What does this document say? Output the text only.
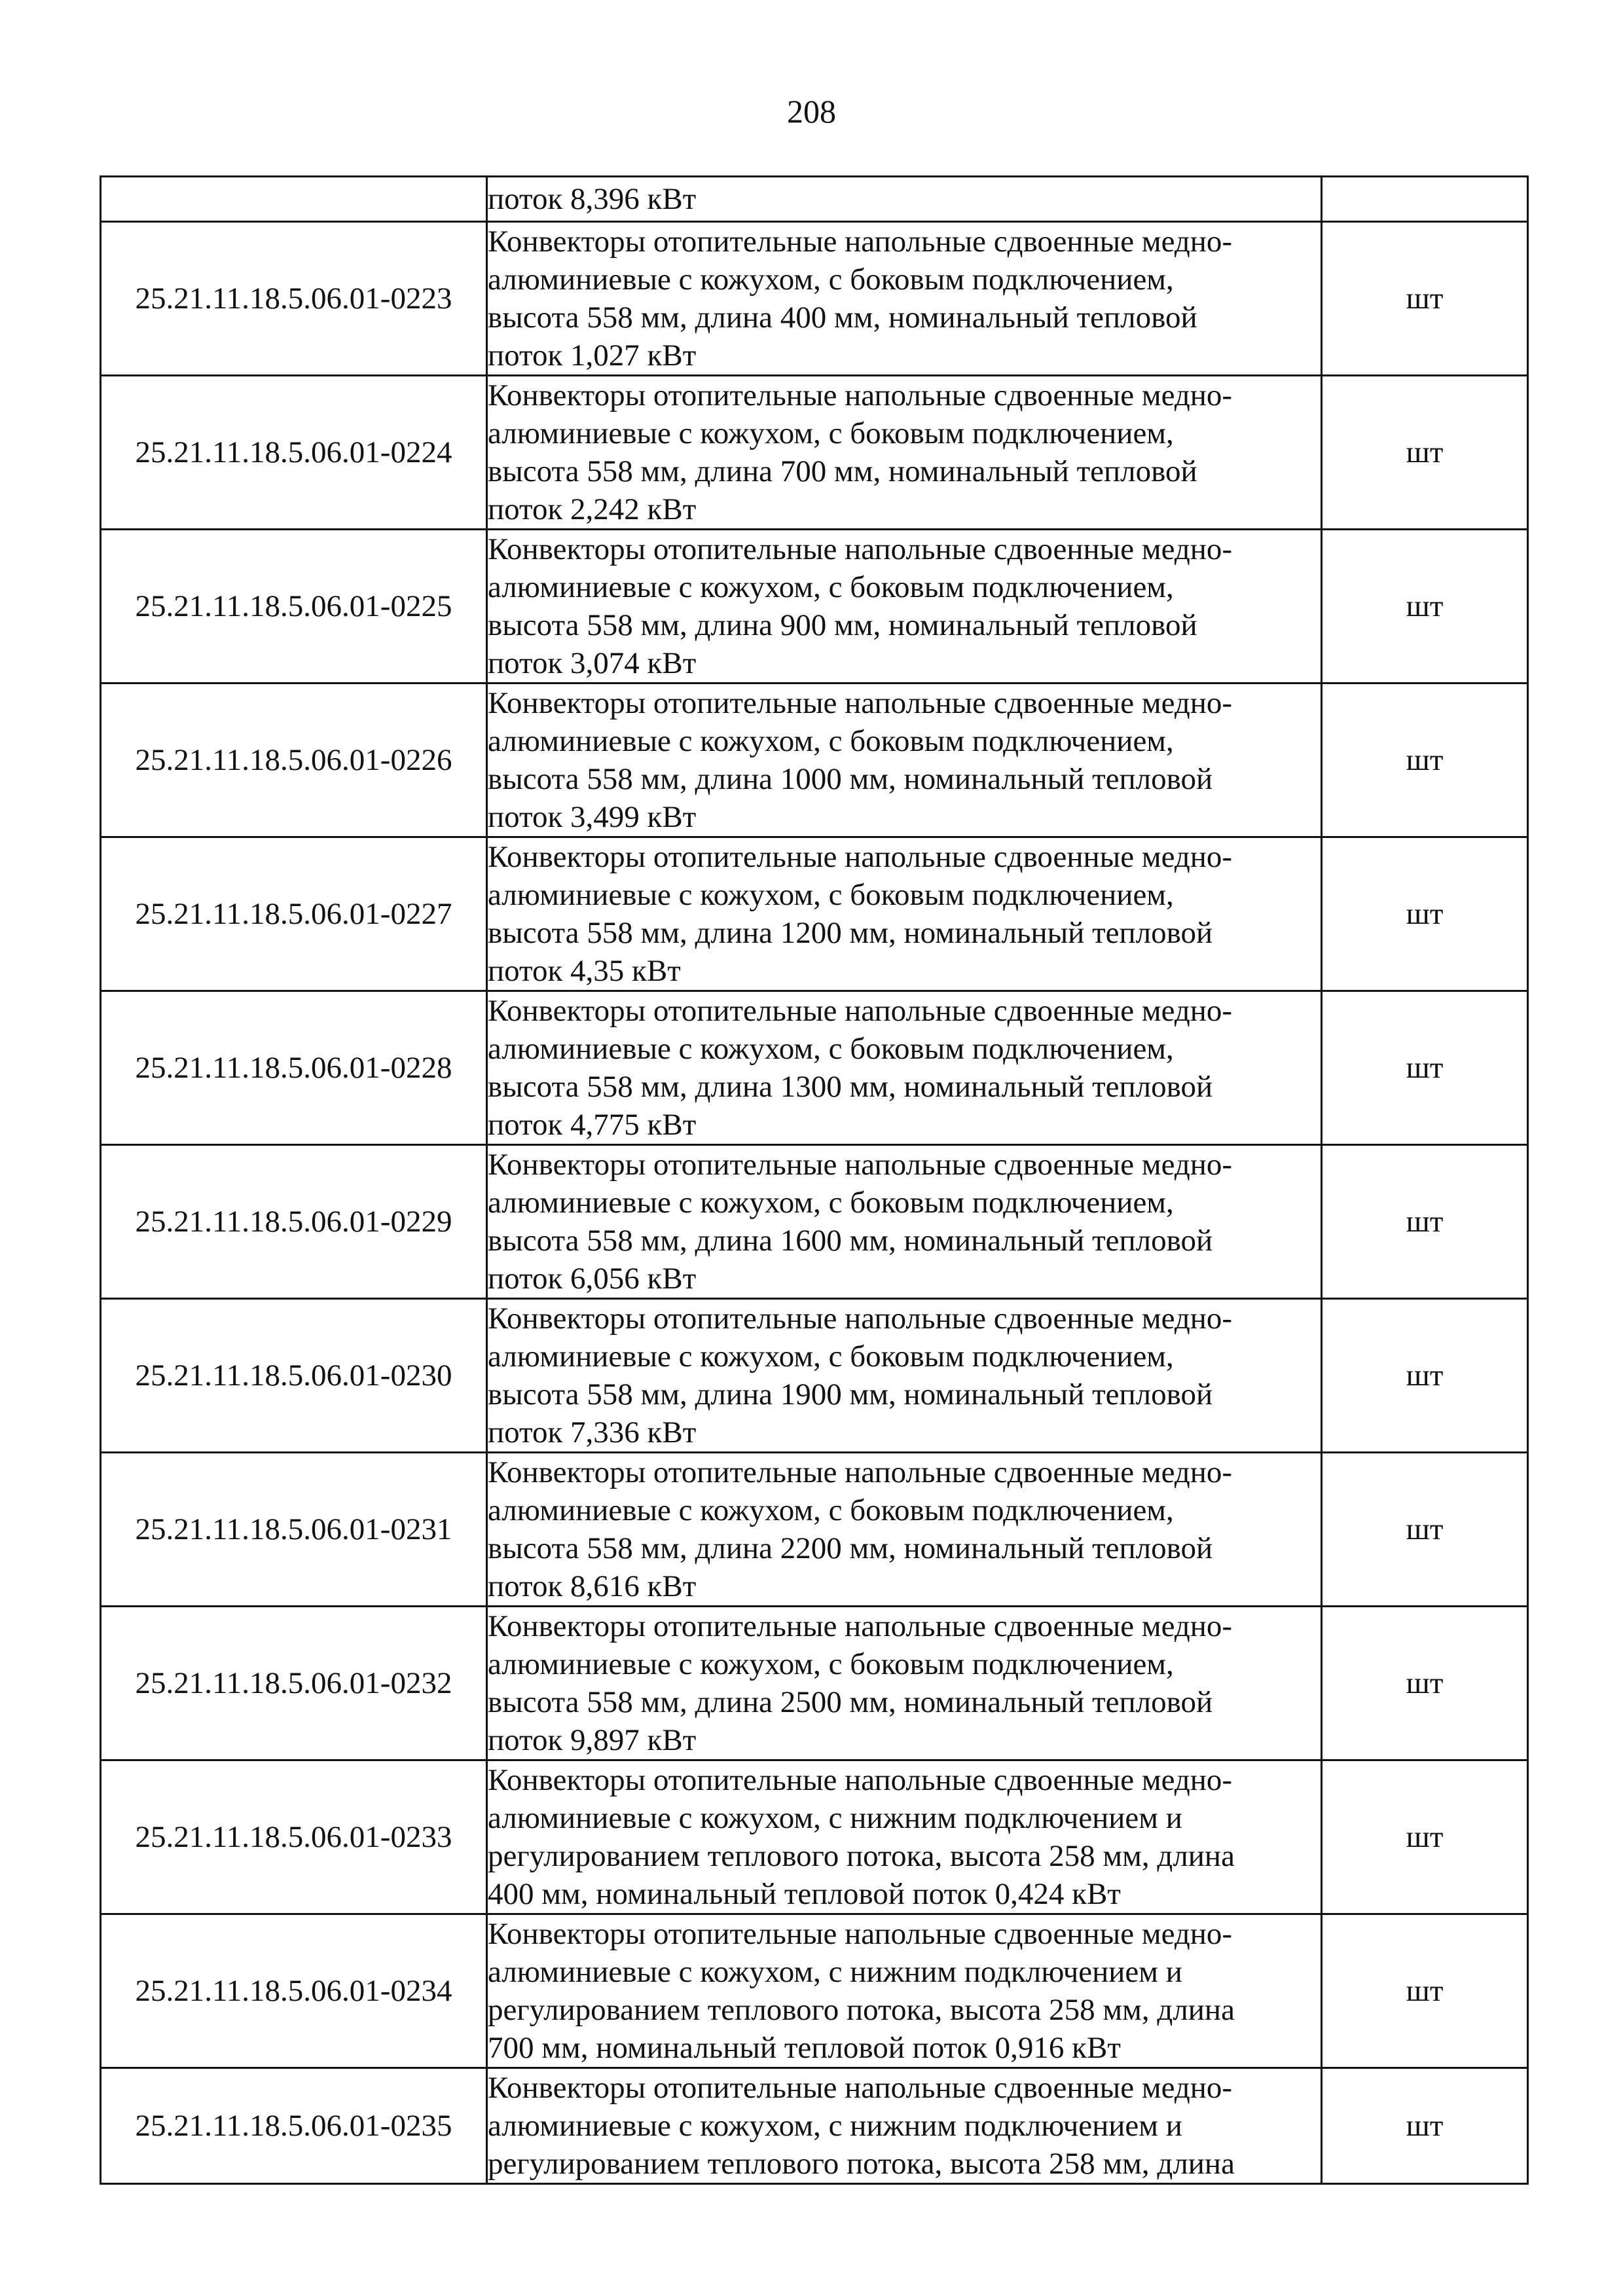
208
	поток 8,396 кВт	
25.21.11.18.5.06.01-0223	Конвекторы отопительные напольные сдвоенные медно-
алюминиевые с кожухом, с боковым подключением,
высота 558 мм, длина 400 мм, номинальный тепловой
поток 1,027 кВт	шт
25.21.11.18.5.06.01-0224	Конвекторы отопительные напольные сдвоенные медно-
алюминиевые с кожухом, с боковым подключением,
высота 558 мм, длина 700 мм, номинальный тепловой
поток 2,242 кВт	шт
25.21.11.18.5.06.01-0225	Конвекторы отопительные напольные сдвоенные медно-
алюминиевые с кожухом, с боковым подключением,
высота 558 мм, длина 900 мм, номинальный тепловой
поток 3,074 кВт	шт
25.21.11.18.5.06.01-0226	Конвекторы отопительные напольные сдвоенные медно-
алюминиевые с кожухом, с боковым подключением,
высота 558 мм, длина 1000 мм, номинальный тепловой
поток 3,499 кВт	шт
25.21.11.18.5.06.01-0227	Конвекторы отопительные напольные сдвоенные медно-
алюминиевые с кожухом, с боковым подключением,
высота 558 мм, длина 1200 мм, номинальный тепловой
поток 4,35 кВт	шт
25.21.11.18.5.06.01-0228	Конвекторы отопительные напольные сдвоенные медно-
алюминиевые с кожухом, с боковым подключением,
высота 558 мм, длина 1300 мм, номинальный тепловой
поток 4,775 кВт	шт
25.21.11.18.5.06.01-0229	Конвекторы отопительные напольные сдвоенные медно-
алюминиевые с кожухом, с боковым подключением,
высота 558 мм, длина 1600 мм, номинальный тепловой
поток 6,056 кВт	шт
25.21.11.18.5.06.01-0230	Конвекторы отопительные напольные сдвоенные медно-
алюминиевые с кожухом, с боковым подключением,
высота 558 мм, длина 1900 мм, номинальный тепловой
поток 7,336 кВт	шт
25.21.11.18.5.06.01-0231	Конвекторы отопительные напольные сдвоенные медно-
алюминиевые с кожухом, с боковым подключением,
высота 558 мм, длина 2200 мм, номинальный тепловой
поток 8,616 кВт	шт
25.21.11.18.5.06.01-0232	Конвекторы отопительные напольные сдвоенные медно-
алюминиевые с кожухом, с боковым подключением,
высота 558 мм, длина 2500 мм, номинальный тепловой
поток 9,897 кВт	шт
25.21.11.18.5.06.01-0233	Конвекторы отопительные напольные сдвоенные медно-
алюминиевые с кожухом, с нижним подключением и
регулированием теплового потока, высота 258 мм, длина
400 мм, номинальный тепловой поток 0,424 кВт	шт
25.21.11.18.5.06.01-0234	Конвекторы отопительные напольные сдвоенные медно-
алюминиевые с кожухом, с нижним подключением и
регулированием теплового потока, высота 258 мм, длина
700 мм, номинальный тепловой поток 0,916 кВт	шт
25.21.11.18.5.06.01-0235	Конвекторы отопительные напольные сдвоенные медно-
алюминиевые с кожухом, с нижним подключением и
регулированием теплового потока, высота 258 мм, длина	шт
